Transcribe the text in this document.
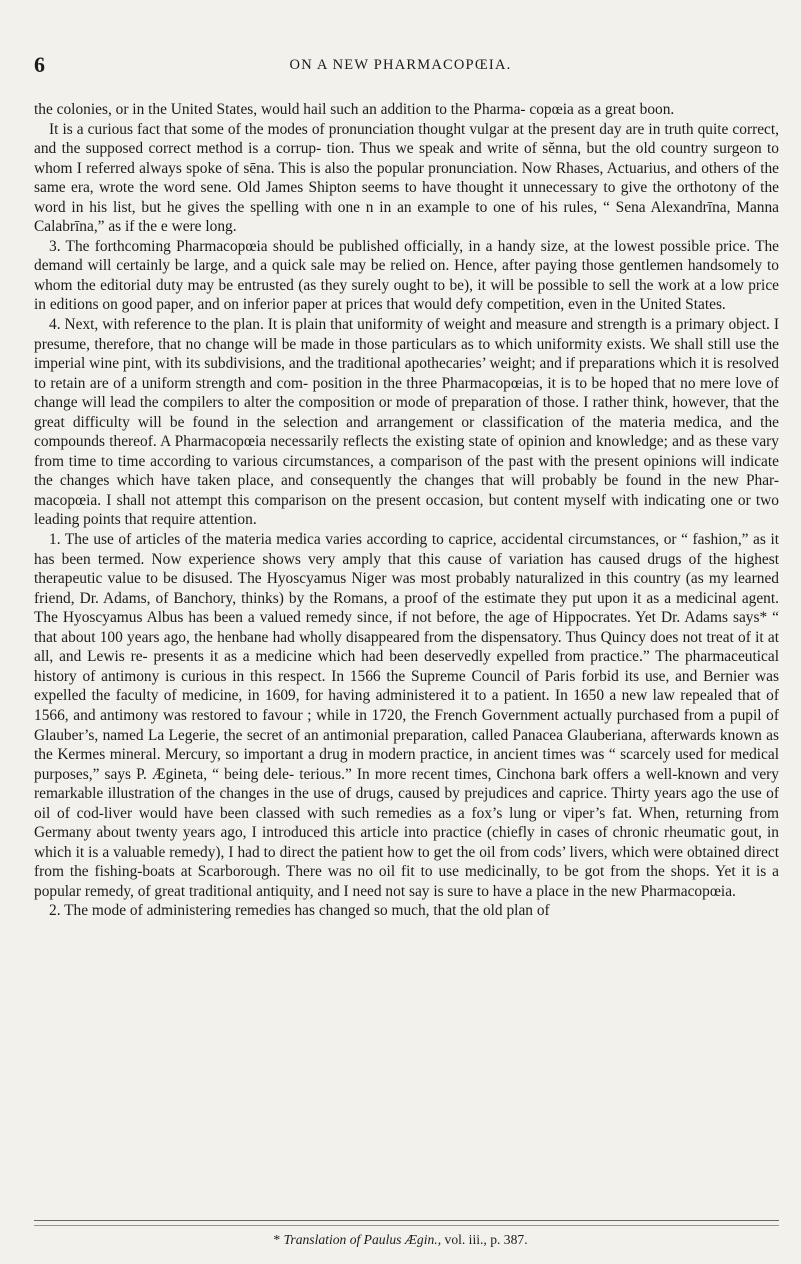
6	ON A NEW PHARMACOPŒIA.

the colonies, or in the United States, would hail such an addition to the Pharma- copœia as a great boon.

It is a curious fact that some of the modes of pronunciation thought vulgar at the present day are in truth quite correct, and the supposed correct method is a corrup- tion. Thus we speak and write of sĕnna, but the old country surgeon to whom I referred always spoke of sēna. This is also the popular pronunciation. Now Rhases, Actuarius, and others of the same era, wrote the word sene. Old James Shipton seems to have thought it unnecessary to give the orthotony of the word in his list, but he gives the spelling with one n in an example to one of his rules, “ Sena Alexandrīna, Manna Calabrīna,” as if the e were long.

3. The forthcoming Pharmacopœia should be published officially, in a handy size, at the lowest possible price. The demand will certainly be large, and a quick sale may be relied on. Hence, after paying those gentlemen handsomely to whom the editorial duty may be entrusted (as they surely ought to be), it will be possible to sell the work at a low price in editions on good paper, and on inferior paper at prices that would defy competition, even in the United States.

4. Next, with reference to the plan. It is plain that uniformity of weight and measure and strength is a primary object. I presume, therefore, that no change will be made in those particulars as to which uniformity exists. We shall still use the imperial wine pint, with its subdivisions, and the traditional apothecaries’ weight; and if preparations which it is resolved to retain are of a uniform strength and com- position in the three Pharmacopœias, it is to be hoped that no mere love of change will lead the compilers to alter the composition or mode of preparation of those. I rather think, however, that the great difficulty will be found in the selection and arrangement or classification of the materia medica, and the compounds thereof. A Pharmacopœia necessarily reflects the existing state of opinion and knowledge; and as these vary from time to time according to various circumstances, a comparison of the past with the present opinions will indicate the changes which have taken place, and consequently the changes that will probably be found in the new Phar- macopœia. I shall not attempt this comparison on the present occasion, but content myself with indicating one or two leading points that require attention.

1. The use of articles of the materia medica varies according to caprice, accidental circumstances, or “ fashion,” as it has been termed. Now experience shows very amply that this cause of variation has caused drugs of the highest therapeutic value to be disused. The Hyoscyamus Niger was most probably naturalized in this country (as my learned friend, Dr. Adams, of Banchory, thinks) by the Romans, a proof of the estimate they put upon it as a medicinal agent. The Hyoscyamus Albus has been a valued remedy since, if not before, the age of Hippocrates. Yet Dr. Adams says* “ that about 100 years ago, the henbane had wholly disappeared from the dispensatory. Thus Quincy does not treat of it at all, and Lewis re- presents it as a medicine which had been deservedly expelled from practice.” The pharmaceutical history of antimony is curious in this respect. In 1566 the Supreme Council of Paris forbid its use, and Bernier was expelled the faculty of medicine, in 1609, for having administered it to a patient. In 1650 a new law repealed that of 1566, and antimony was restored to favour ; while in 1720, the French Government actually purchased from a pupil of Glauber’s, named La Legerie, the secret of an antimonial preparation, called Panacea Glauberiana, afterwards known as the Kermes mineral. Mercury, so important a drug in modern practice, in ancient times was “ scarcely used for medical purposes,” says P. Ægineta, “ being dele- terious.” In more recent times, Cinchona bark offers a well-known and very remarkable illustration of the changes in the use of drugs, caused by prejudices and caprice. Thirty years ago the use of oil of cod-liver would have been classed with such remedies as a fox’s lung or viper’s fat. When, returning from Germany about twenty years ago, I introduced this article into practice (chiefly in cases of chronic rheumatic gout, in which it is a valuable remedy), I had to direct the patient how to get the oil from cods’ livers, which were obtained direct from the fishing-boats at Scarborough. There was no oil fit to use medicinally, to be got from the shops. Yet it is a popular remedy, of great traditional antiquity, and I need not say is sure to have a place in the new Pharmacopœia.

2. The mode of administering remedies has changed so much, that the old plan of

* Translation of Paulus Ægin., vol. iii., p. 387.
